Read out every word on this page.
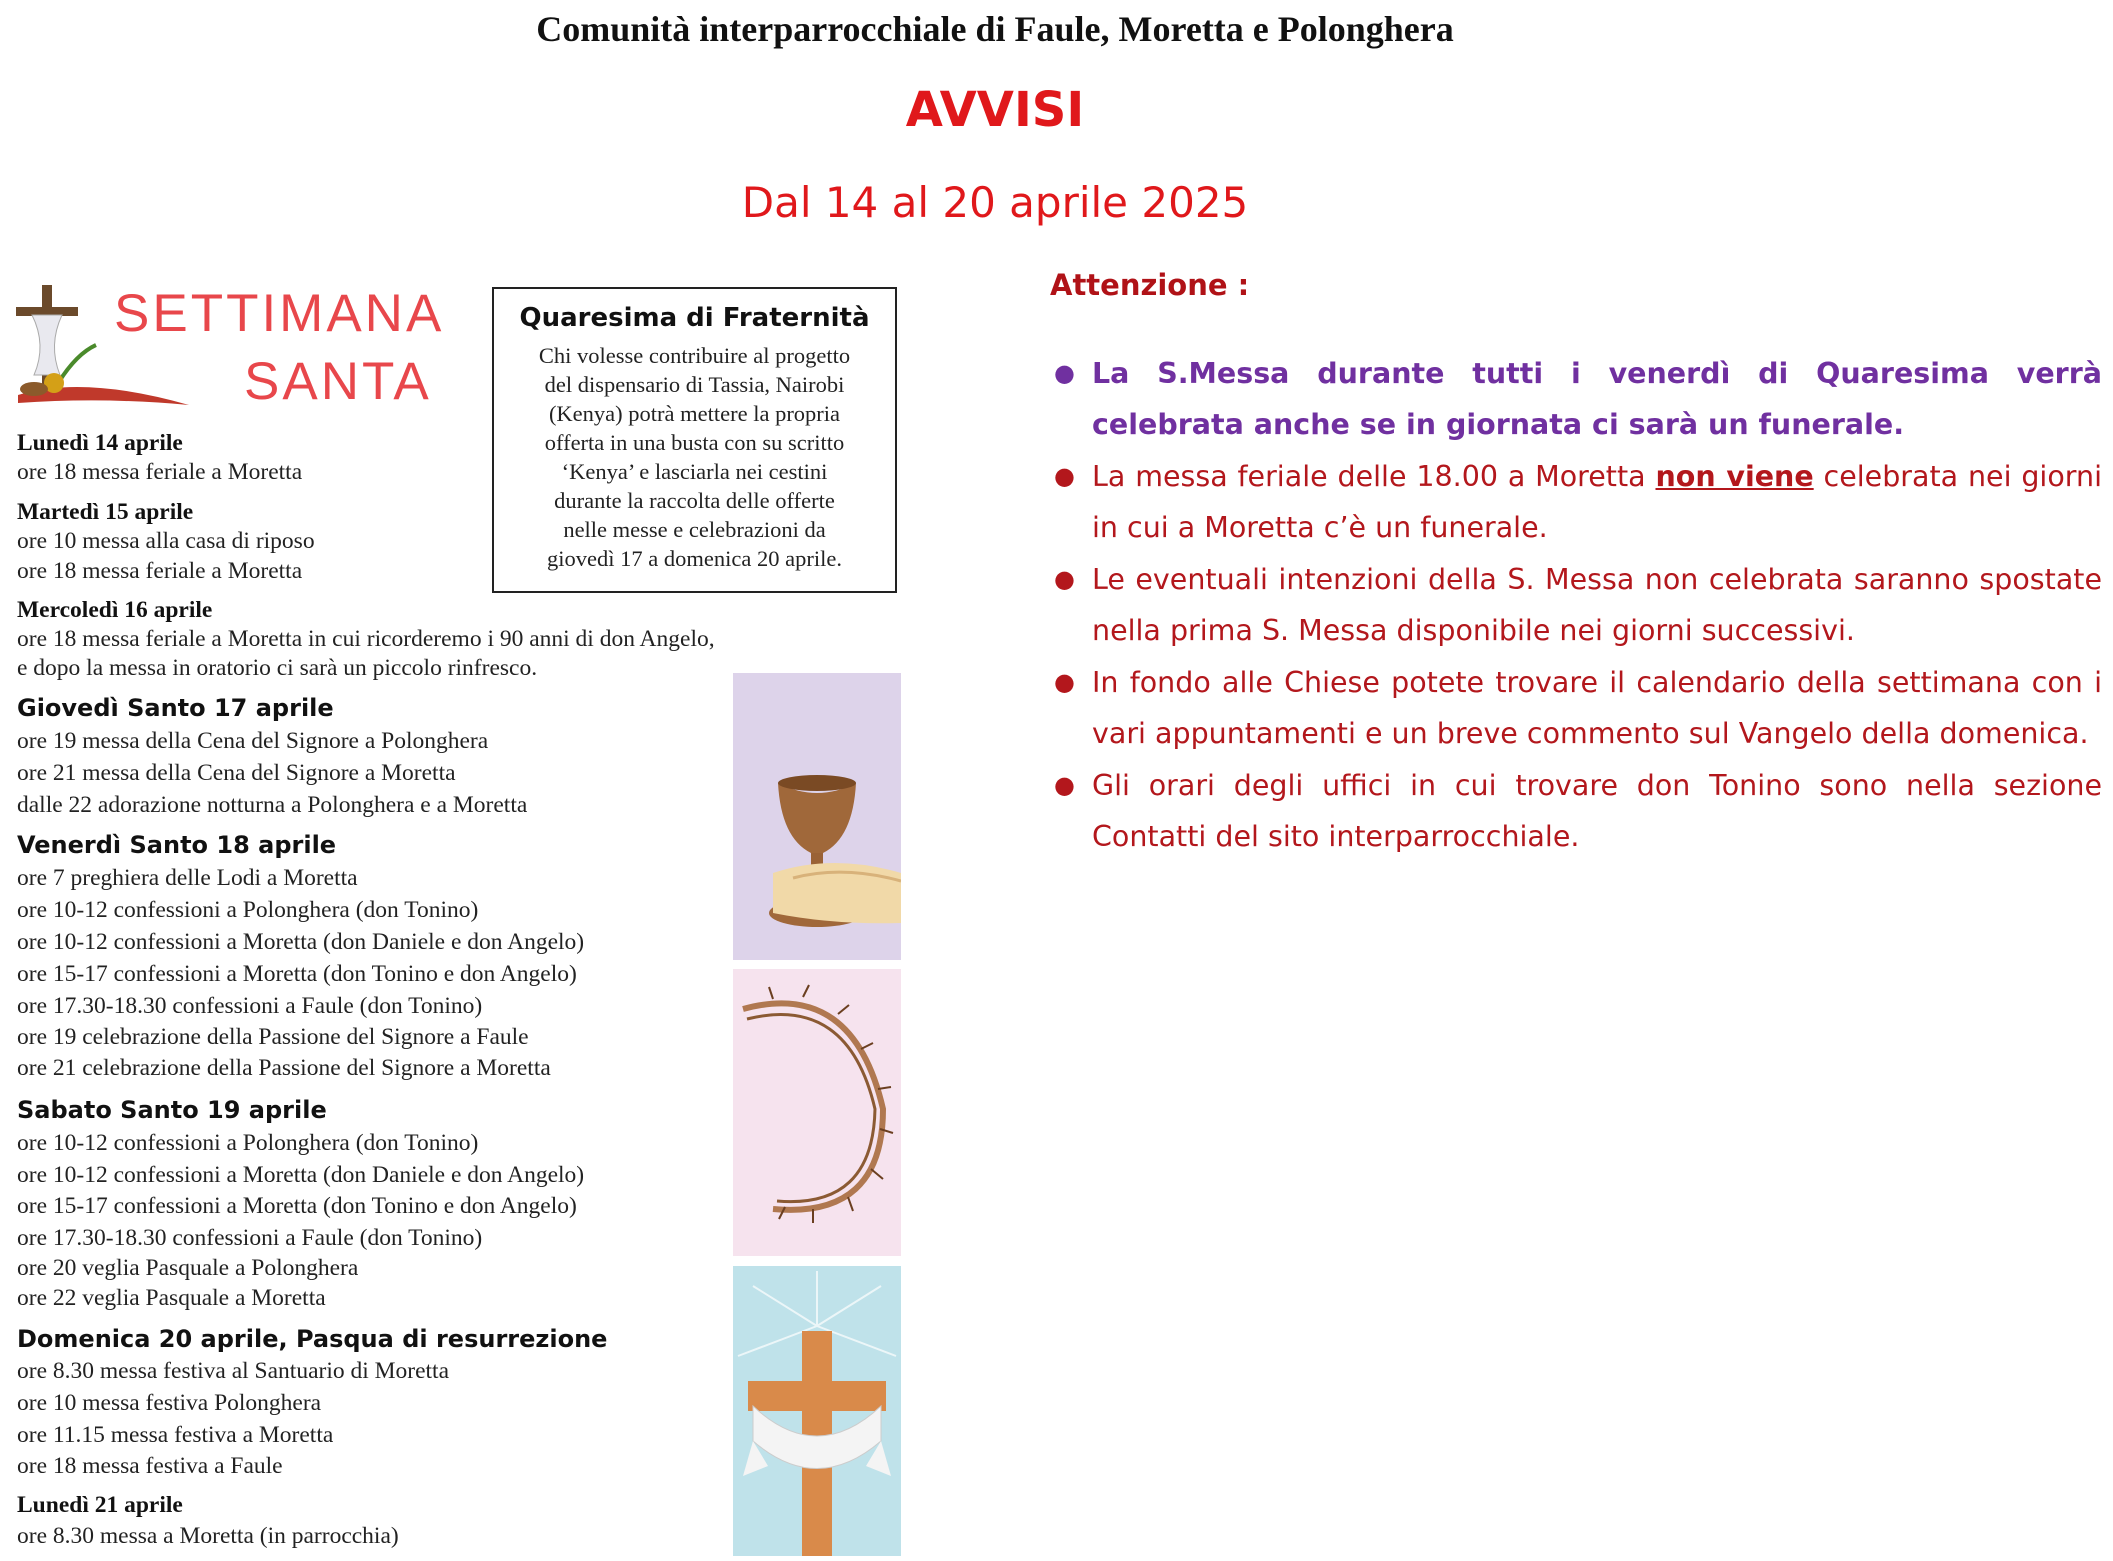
Comunità interparrocchiale di Faule, Moretta e Polonghera
AVVISI
Dal 14 al 20 aprile 2025
SETTIMANA
SANTA
Quaresima di Fraternità
Chi volesse contribuire al progetto
del dispensario di Tassia, Nairobi
(Kenya) potrà mettere la propria
offerta in una busta con su scritto
‘Kenya’ e lasciarla nei cestini
durante la raccolta delle offerte
nelle messe e celebrazioni da
giovedì 17 a domenica 20 aprile.
Lunedì 14 aprile
ore 18 messa feriale a Moretta
Martedì 15 aprile
ore 10 messa alla casa di riposo
ore 18 messa feriale a Moretta
Mercoledì 16 aprile
ore 18 messa feriale a Moretta in cui ricorderemo i 90 anni di don Angelo,
e dopo la messa in oratorio ci sarà un piccolo rinfresco.
Giovedì Santo 17 aprile
ore 19 messa della Cena del Signore a Polonghera
ore 21 messa della Cena del Signore a Moretta
dalle 22 adorazione notturna a Polonghera e a Moretta
Venerdì Santo 18 aprile
ore 7 preghiera delle Lodi a Moretta
ore 10-12 confessioni a Polonghera (don Tonino)
ore 10-12 confessioni a Moretta (don Daniele e don Angelo)
ore 15-17 confessioni a Moretta (don Tonino e don Angelo)
ore 17.30-18.30 confessioni a Faule (don Tonino)
ore 19 celebrazione della Passione del Signore a Faule
ore 21 celebrazione della Passione del Signore a Moretta
Sabato Santo 19 aprile
ore 10-12 confessioni a Polonghera (don Tonino)
ore 10-12 confessioni a Moretta (don Daniele e don Angelo)
ore 15-17 confessioni a Moretta (don Tonino e don Angelo)
ore 17.30-18.30 confessioni a Faule (don Tonino)
ore 20 veglia Pasquale a Polonghera
ore 22 veglia Pasquale a Moretta
Domenica 20 aprile, Pasqua di resurrezione
ore 8.30 messa festiva al Santuario di Moretta
ore 10 messa festiva Polonghera
ore 11.15 messa festiva a Moretta
ore 18 messa festiva a Faule
Lunedì 21 aprile
ore 8.30 messa a Moretta (in parrocchia)
Attenzione :
● La S.Messa durante tutti i venerdì di Quaresima verrà celebrata anche se in giornata ci sarà un funerale.
● La messa feriale delle 18.00 a Moretta non viene celebrata nei giorni in cui a Moretta c’è un funerale.
● Le eventuali intenzioni della S. Messa non celebrata saranno spostate nella prima S. Messa disponibile nei giorni successivi.
● In fondo alle Chiese potete trovare il calendario della settimana con i vari appuntamenti e un breve commento sul Vangelo della domenica.
● Gli orari degli uffici in cui trovare don Tonino sono nella sezione Contatti del sito interparrocchiale.
